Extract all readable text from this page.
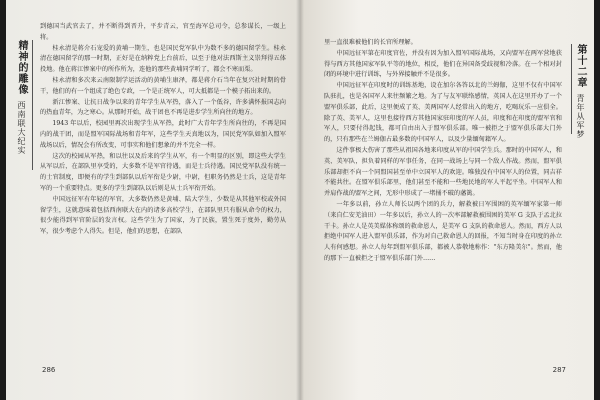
精神的雕像西南联大纪实

到德国当武官去了，并不断得到晋升，平步青云，官至海军总司令，总参谋长，一级上将。

桂永清是蒋介石宠爱的黄埔一期生，也是国民党军队中为数不多的德国留学生。桂永清在德国留学的那一时期，正好是在纳粹党上台前后，以至于他对法西斯主义崇拜得五体投地。他在蒋江惨案中的所作所为，连他的那些黄埔同学听了，都会不寒而栗。

桂永清和多次来云南限制学运活动的黄埔生康泽，都是蒋介石当年在复兴社时期的骨干，他们的有一个组成了绝色专政，一个是正统军人，可大抵都是一个模子拓出来的。

新江惨案、让抗日战争以来的青年学生从军热，落入了一个低谷，许多满怀报国志向的热血青年，为之寒心。从那时开始，战干团也不再是进步学生所向往的地方。

1943 年以后，校园里再次出现学生从军热，此时广大青年学生所向往的，不再是国内的战干团，而是盟军国际战场和青年军，这些学生天真地以为，国民党军队如加入盟军战场以后，情况会有所改变，可事实和他们想象的并不完全一样。

这次的校园从军热，和以往以及后来的学生从军，有一个明显的区别，即这些大学生从军以后，在部队里享受的，大多数不是军官待遇，而是士兵待遇。国民党军队没有统一的士官制度，即便有的学生到部队以后军衔是少尉，中尉，但职务仍然是士兵，这是青年军的一个重要特点。更多的学生到部队以后则是从士兵军衔开始。

中国远征军有年轻的军官，大多数仍然是黄埔、陆大学生，少数是从其他军校或外国留学生，这就意味着包括西南联大在内的诸多高校学生，在部队里只有服从命令的权力，很少能得到军官阶层的发言权。这些学生为了国家，为了民族，置生死于度外，勤劳从军，很少考虑个人得失。但是，他们的思想，在部队

286
第十二章青年从军梦

里一直很难被他们的长官所理解。

中国远征军第在印度官佐，并没有因为加入盟军国际战场，又向盟军在两军营地获得与西方其他国家军队平等的地位，相反，他们在异国备受歧视和冷落。在一个相对封闭的环境中进行训练，与外界接触并不是很多。

中国远征军在印度时的训练基地，设在加尔各答以北的兰姆伽，这里不仅有中国军队驻扎，也是各国军人来往频繁之地。为了与友军联络感情，英国人在这里开办了一个盟军俱乐部，此后，这里便成了英、美两国军人经常出入的地方，吃喝玩乐一应俱全。除了英、美军人，这里也接待西方其他国家驻印度的军人员，印度和在印度的盟军官和军人，只要付得起钱，都可自由出入于盟军俱乐部。唯一被拒之于盟军俱乐部大门外的，只有那些在兰姆伽占最多数的中国军人，以及少量缅甸籍军人。

这件事极大伤害了那些从祖国各地来印度从军的中国学生兵。那时的中国军人，和英、美军队，担负着同样的军事任务，在同一战场上与同一个敌人作战。然而，盟军俱乐部却拒不向一个同盟国甚至单中立国军人的欢迎。唯独没有中国军人的位置，同吉祥不能共往。在盟军俱乐部里，他们甚至不能和一些地民地的军人平起平坐。中国军人和并肩作战的盟军之间，无形中形成了一堵捅不破的藩篱。

一年多以前，孙立人师长以两个团的兵力，解救被日军围困的英军缅军家第一师（来自仁安羌油田）一年多以后，孙立人的一次率部解救被围困的美军 G 支队于孟北拉干卡。孙立人是英美媒体称颂的救命恩人，是美军 G 支队的救命恩人。然而，西方人以拒绝中国军人进入盟军俱乐部，作为对自己救命恩人的回报，不知当时身在印度的孙立人有何感想。孙立人每年到盟军俱乐部，都被人恭敬地称作："东方隆美尔"。然而，他的那下一直被拒之于盟军俱乐部门外……

287
